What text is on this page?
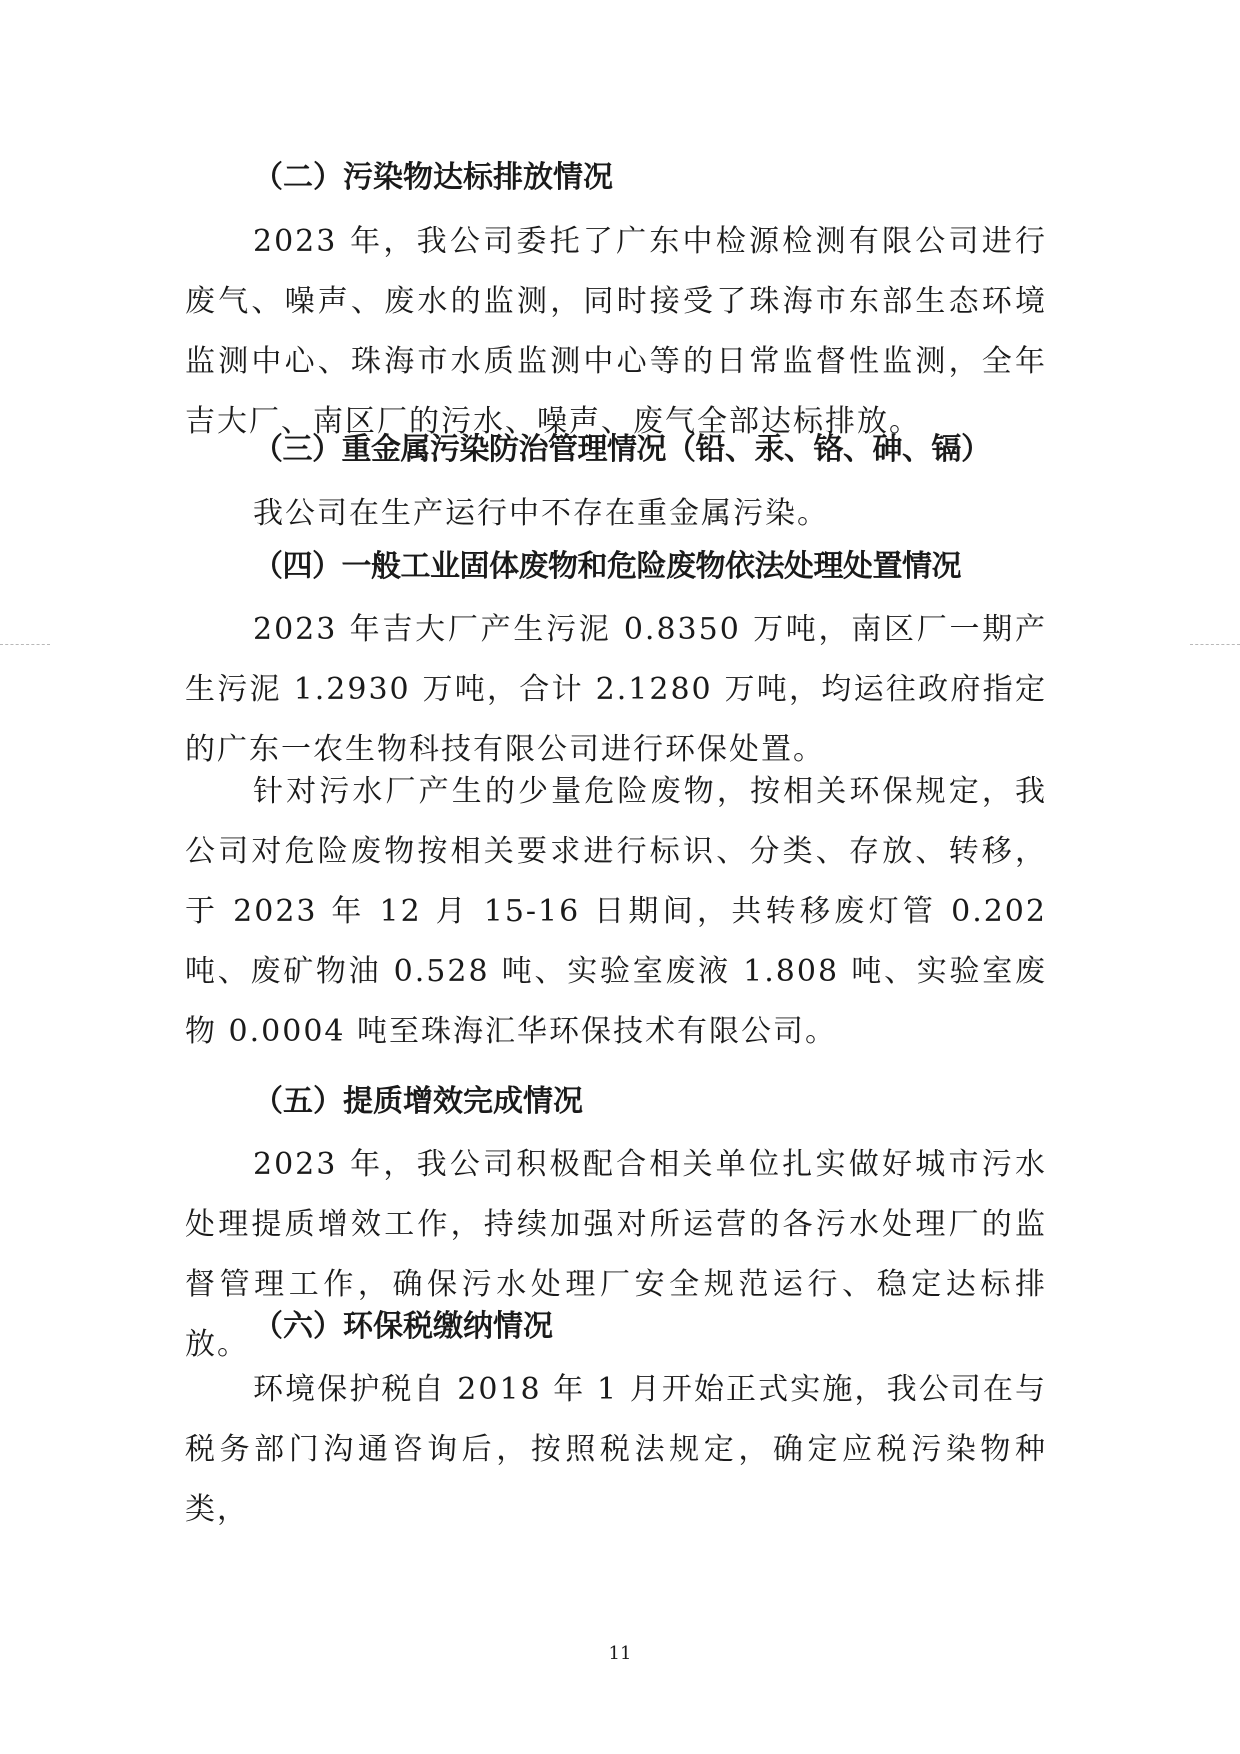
（二）污染物达标排放情况

2023 年，我公司委托了广东中检源检测有限公司进行废气、噪声、废水的监测，同时接受了珠海市东部生态环境监测中心、珠海市水质监测中心等的日常监督性监测，全年吉大厂、南区厂的污水、噪声、废气全部达标排放。

（三）重金属污染防治管理情况（铅、汞、铬、砷、镉）

我公司在生产运行中不存在重金属污染。

（四）一般工业固体废物和危险废物依法处理处置情况

2023 年吉大厂产生污泥 0.8350 万吨，南区厂一期产生污泥 1.2930 万吨，合计 2.1280 万吨，均运往政府指定的广东一农生物科技有限公司进行环保处置。

针对污水厂产生的少量危险废物，按相关环保规定，我公司对危险废物按相关要求进行标识、分类、存放、转移，于 2023 年 12 月 15-16 日期间，共转移废灯管 0.202 吨、废矿物油 0.528 吨、实验室废液 1.808 吨、实验室废物 0.0004 吨至珠海汇华环保技术有限公司。

（五）提质增效完成情况

2023 年，我公司积极配合相关单位扎实做好城市污水处理提质增效工作，持续加强对所运营的各污水处理厂的监督管理工作，确保污水处理厂安全规范运行、稳定达标排放。

（六）环保税缴纳情况

环境保护税自 2018 年 1 月开始正式实施，我公司在与税务部门沟通咨询后，按照税法规定，确定应税污染物种类，

11
